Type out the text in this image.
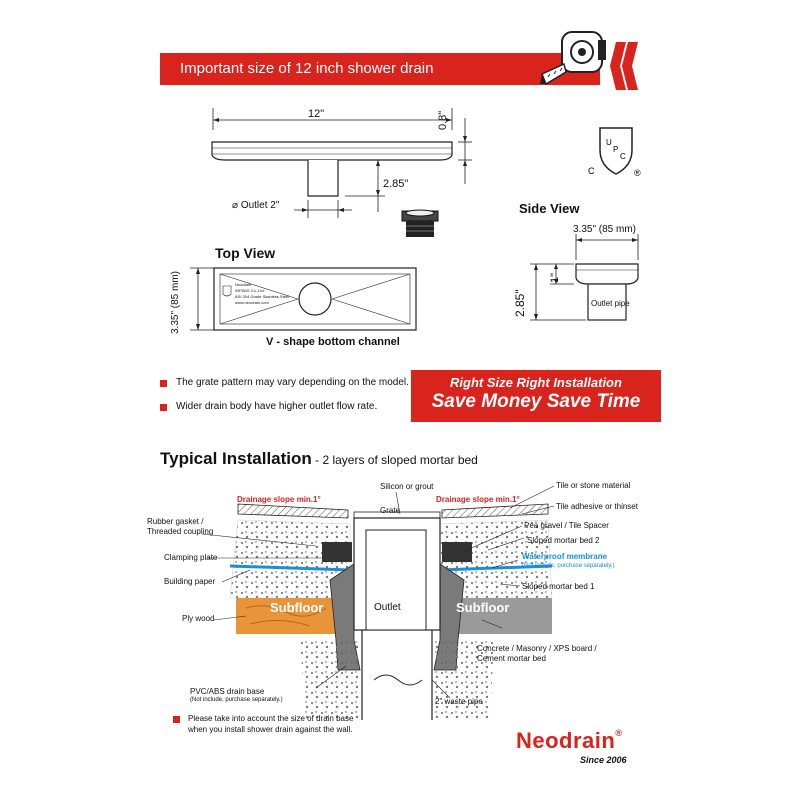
Important size of 12 inch shower drain
12"	0.8"
2.85"
⌀ Outlet 2"
U
P
C
C	®
Top View
Neodrain
INFINIG Co.,Ltd.
ASI 304 Grade Stainless Steel
www.neodrain.com
3.35" (85 mm)
V - shape bottom channel
Side View
3.35" (85 mm)
1"
2.85"	Outlet pipe
The grate pattern may vary depending on the model.
Wider drain body have higher outlet flow rate.
Right Size Right Installation
Save Money Save Time
Typical Installation - 2 layers of sloped mortar bed
Drainage slope min.1°	Drainage slope min.1°
Silicon or grout
Grate
Outlet
Subfloor	Subfloor
Rubber gasket /
Threaded coupling
Clamping plate
Building paper
Ply wood
Tile or stone material
Tile adhesive or thinset
Pea gravel / Tile Spacer
Sloped mortar bed 2
Waterproof membrane
(Not include, purchase separately.)
Sloped mortar bed 1
Concrete / Masonry / XPS board /
Cement mortar bed
PVC/ABS drain base
(Not include, purchase separately.)	2" waste pipe
Please take into account the size of drain base
when you install shower drain against the wall.	Neodrain®
Since 2006
